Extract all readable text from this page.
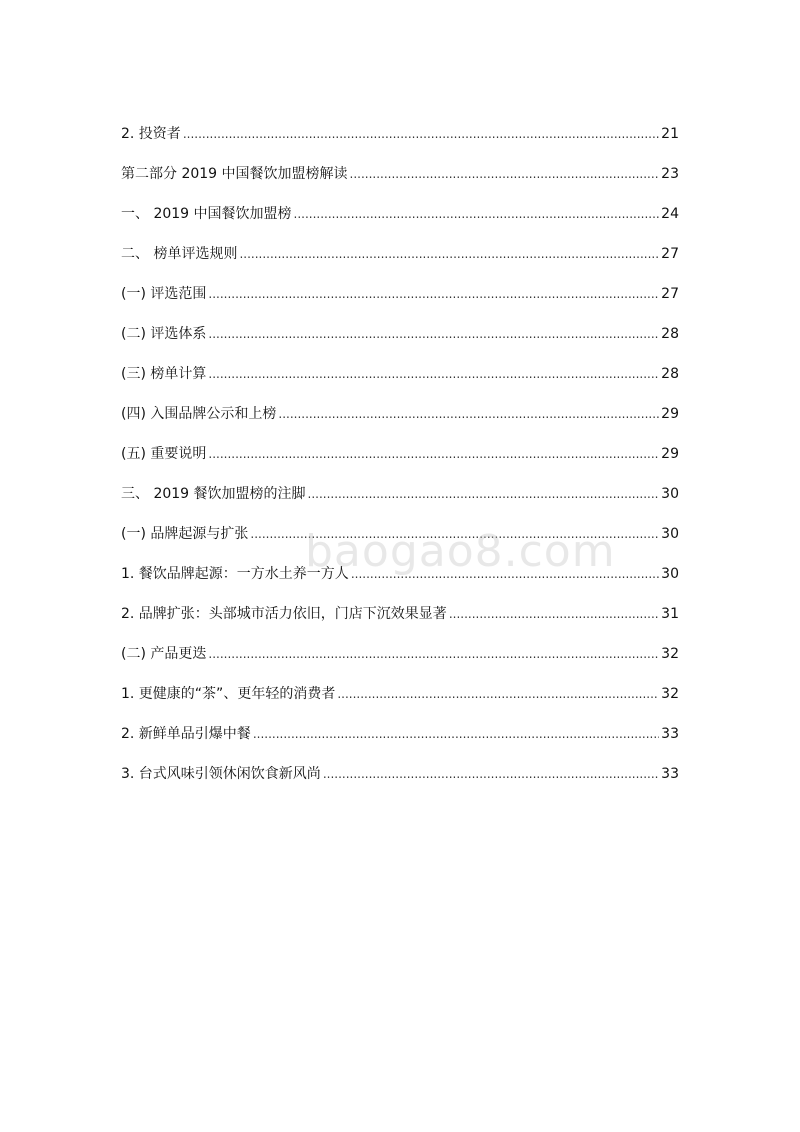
2. 投资者 .....	21
第二部分 2019 中国餐饮加盟榜解读 .....	23
一、 2019 中国餐饮加盟榜 .....	24
二、 榜单评选规则 .....	27
(一) 评选范围 .....	27
(二) 评选体系 .....	28
(三) 榜单计算 .....	28
(四) 入围品牌公示和上榜 .....	29
(五) 重要说明 .....	29
三、 2019 餐饮加盟榜的注脚 .....	30
(一) 品牌起源与扩张 .....	30
1. 餐饮品牌起源：一方水土养一方人 .....	30
2. 品牌扩张：头部城市活力依旧，门店下沉效果显著 .....	31
(二) 产品更迭 .....	32
1. 更健康的“茶”、更年轻的消费者 .....	32
2. 新鲜单品引爆中餐 .....	33
3. 台式风味引领休闲饮食新风尚 .....	33
baogao8.com
